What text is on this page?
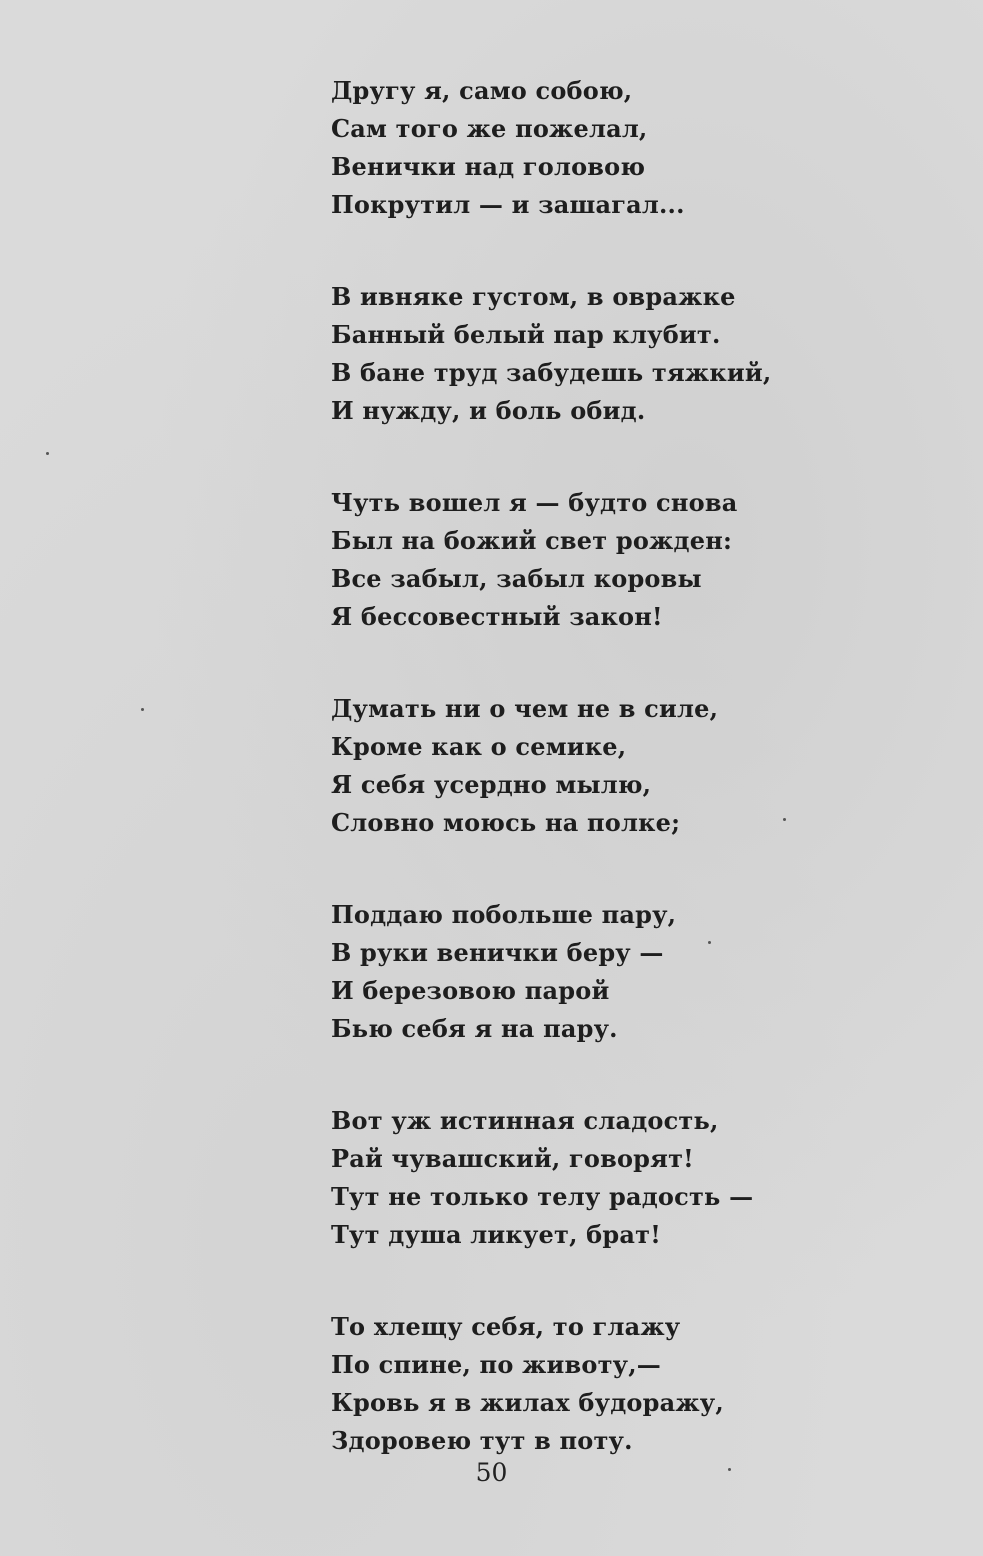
Другу я, само собою,
Сам того же пожелал,
Венички над головою
Покрутил — и зашагал...
В ивняке густом, в овражке
Банный белый пар клубит.
В бане труд забудешь тяжкий,
И нужду, и боль обид.
Чуть вошел я — будто снова
Был на божий свет рожден:
Все забыл, забыл коровы
Я бессовестный закон!
Думать ни о чем не в силе,
Кроме как о семике,
Я себя усердно мылю,
Словно моюсь на полке;
Поддаю побольше пару,
В руки венички беру —
И березовою парой
Бью себя я на пару.
Вот уж истинная сладость,
Рай чувашский, говорят!
Тут не только телу радость —
Тут душа ликует, брат!
То хлещу себя, то глажу
По спине, по животу,—
Кровь я в жилах будоражу,
Здоровею тут в поту.
50
